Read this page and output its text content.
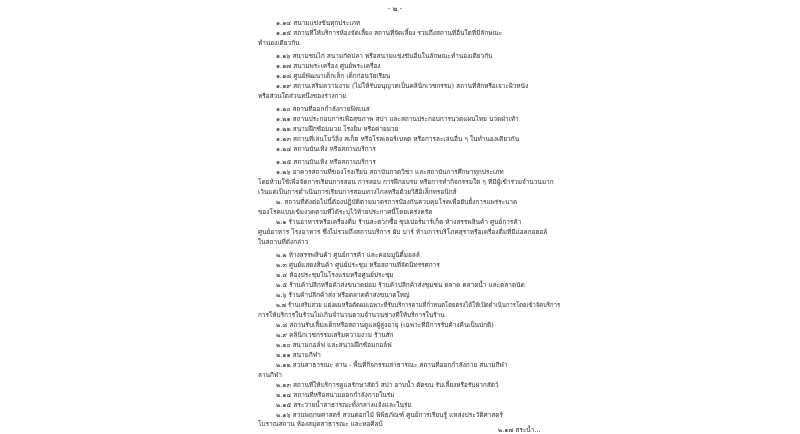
- ๒ -
๑.๑๔ สนามแข่งขันทุกประเภท
๑.๑๕ สถานที่ให้บริการห้องจัดเลี้ยง สถานที่จัดเลี้ยง รวมถึงสถานที่อื่นใดที่มีลักษณะ
ทำนองเดียวกัน
๑.๑๖ สนามชนไก่ สนามกัดปลา หรือสนามแข่งขันอื่นในลักษณะทำนองเดียวกัน
๑.๑๗ สนามพระเครื่อง ศูนย์พระเครื่อง
๑.๑๘ ศูนย์พัฒนาเด็กเล็ก เด็กก่อนวัยเรียน
๑.๑๙ สถานเสริมความงาม (ไม่ให้รับอนุญาตเป็นคลินิกเวชกรรม) สถานที่สักหรือเจาะผิวหนัง
หรือส่วนใดส่วนหนึ่งของร่างกาย
๑.๒๐ สถานที่ออกกำลังกายฟิตเนส
๑.๒๑ สถานประกอบการเพื่อสุขภาพ สปา และสถานประกอบการนวดแผนไทย นวดฝ่าเท้า
๑.๒๒ สนามฝึกซ้อมมวย โรงยิม หรือค่ายมวย
๑.๒๓ สถานที่เล่นโบว์ลิ่ง สเก็ต หรือโรลเลอร์เบลด หรือการละเล่นอื่น ๆ ในทำนองเดียวกัน
๑.๒๔ สถานบันเทิง หรือสถานบริการ
๑.๒๕ สถานบันเทิง หรือสถานบริการ
๑.๒๖ อาคารสถานที่ของโรงเรียน สถาบันกวดวิชา และสถาบันการศึกษาทุกประเภท
โดยห้ามใช้เพื่อจัดการเรียนการสอน การสอบ การฝึกอบรม หรือการทำกิจกรรมใด ๆ ที่มีผู้เข้าร่วมจำนวนมาก
เว้นแต่เป็นการดำเนินการเรียนการสอนทางไกลหรือด้วยวิธีอิเล็กทรอนิกส์
๒. สถานที่ดังต่อไปนี้ต้องปฏิบัติตามมาตรการป้องกันควบคุมโรคเพื่อยับยั้งการแพร่ระบาด
ของโรคแบบเข้มงวดตามที่ได้ระบุไว้ท้ายประกาศนี้โดยเคร่งครัด
๒.๑ ร้านอาหารหรือเครื่องดื่ม ร้านสะดวกซื้อ ซุปเปอร์มาร์เก็ต ห้างสรรพสินค้า ศูนย์การค้า
ศูนย์อาหาร โรงอาหาร ซึ่งไม่รวมถึงสถานบริการ ผับ บาร์ ห้ามการบริโภคสุราหรือเครื่องดื่มที่มีแอลกอฮอล์
ในสถานที่ดังกล่าว
๒.๒ ห้างสรรพสินค้า ศูนย์การค้า และคอมมูนิตี้มอลล์
๒.๓ ศูนย์แสดงสินค้า ศูนย์ประชุม หรือสถานที่จัดนิทรรศการ
๒.๔ ห้องประชุมในโรงแรมหรือศูนย์ประชุม
๒.๕ ร้านค้าปลีกหรือค้าส่งขนาดย่อม ร้านค้าปลีกค้าส่งชุมชน ตลาด ตลาดน้ำ และตลาดนัด
๒.๖ ร้านค้าปลีกค้าส่ง หรือตลาดค้าส่งขนาดใหญ่
๒.๗ ร้านเสริมสวย แต่งผมหรือตัดผมเฉพาะที่รับบริการตามที่กำหนดโดยตรงได้ให้เปิดดำเนินการโดยเข้าจัดบริการ
การให้บริการในร้านไม่เกินจำนวนตามจำนวนช่างที่ให้บริการในร้าน
๒.๘ สถานรับเลี้ยงเด็กหรือสถานดูแลผู้สูงอายุ (เฉพาะที่มีการรับค้างคืนเป็นปกติ)
๒.๙ คลินิกเวชกรรมเสริมความงาม ร้านสัก
๒.๑๐ สนามกอล์ฟ และสนามฝึกซ้อมกอล์ฟ
๒.๑๑ สนามกีฬา
๒.๑๒ สวนสาธารณะ ลาน - พื้นที่กิจกรรมสาธารณะ สถานที่ออกกำลังกาย สนามกีฬา
ลานกีฬา
๒.๑๓ สถานที่ให้บริการดูแลรักษาสัตว์ สปา อาบน้ำ ตัดขน รับเลี้ยงหรือรับฝากสัตว์
๒.๑๔ สถานที่หรือสนามออกกำลังกายในร่ม
๒.๑๕ สระว่ายน้ำสาธารณะทั้งกลางแจ้งและในร่ม
๒.๑๖ สวนพฤกษศาสตร์ สวนดอกไม้ พิพิธภัณฑ์ ศูนย์การเรียนรู้ แหล่งประวัติศาสตร์
โบราณสถาน ห้องสมุดสาธารณะ และหอศิลป์
๒.๑๗ สระน้ำ...
